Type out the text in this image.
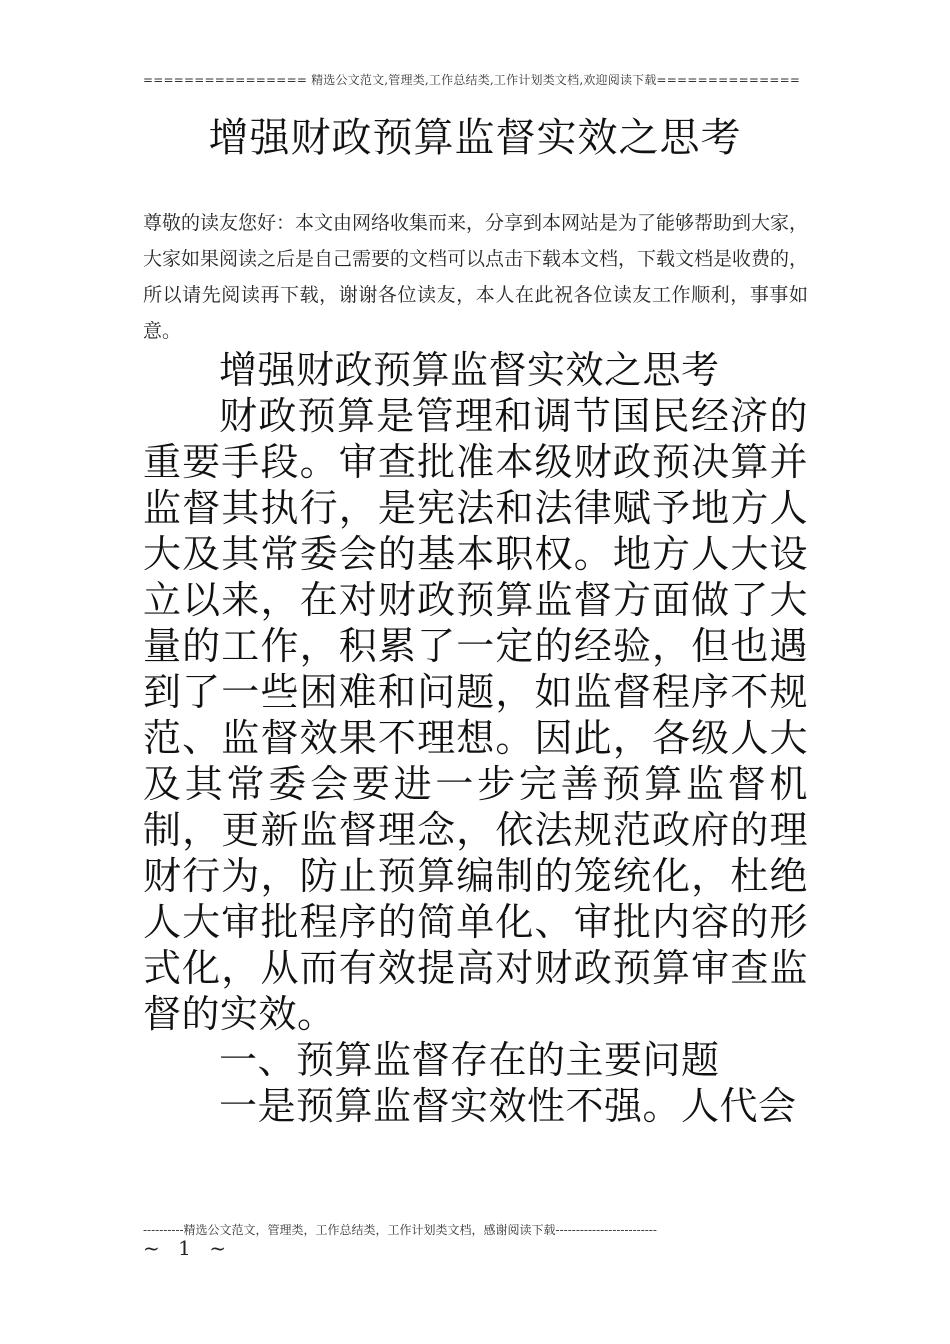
================ 精选公文范文,管理类,工作总结类,工作计划类文档,欢迎阅读下载==============
增强财政预算监督实效之思考
尊敬的读友您好：本文由网络收集而来，分享到本网站是为了能够帮助到大家，大家如果阅读之后是自己需要的文档可以点击下载本文档，下载文档是收费的，所以请先阅读再下载，谢谢各位读友，本人在此祝各位读友工作顺利，事事如意。

增强财政预算监督实效之思考

财政预算是管理和调节国民经济的重要手段。审查批准本级财政预决算并监督其执行，是宪法和法律赋予地方人大及其常委会的基本职权。地方人大设立以来，在对财政预算监督方面做了大量的工作，积累了一定的经验，但也遇到了一些困难和问题，如监督程序不规范、监督效果不理想。因此，各级人大及其常委会要进一步完善预算监督机制，更新监督理念，依法规范政府的理财行为，防止预算编制的笼统化，杜绝人大审批程序的简单化、审批内容的形式化，从而有效提高对财政预算审查监督的实效。

一、预算监督存在的主要问题

一是预算监督实效性不强。人代会

----------精选公文范文，管理类，工作总结类，工作计划类文档，感谢阅读下载-------------------------
~ 1 ~
